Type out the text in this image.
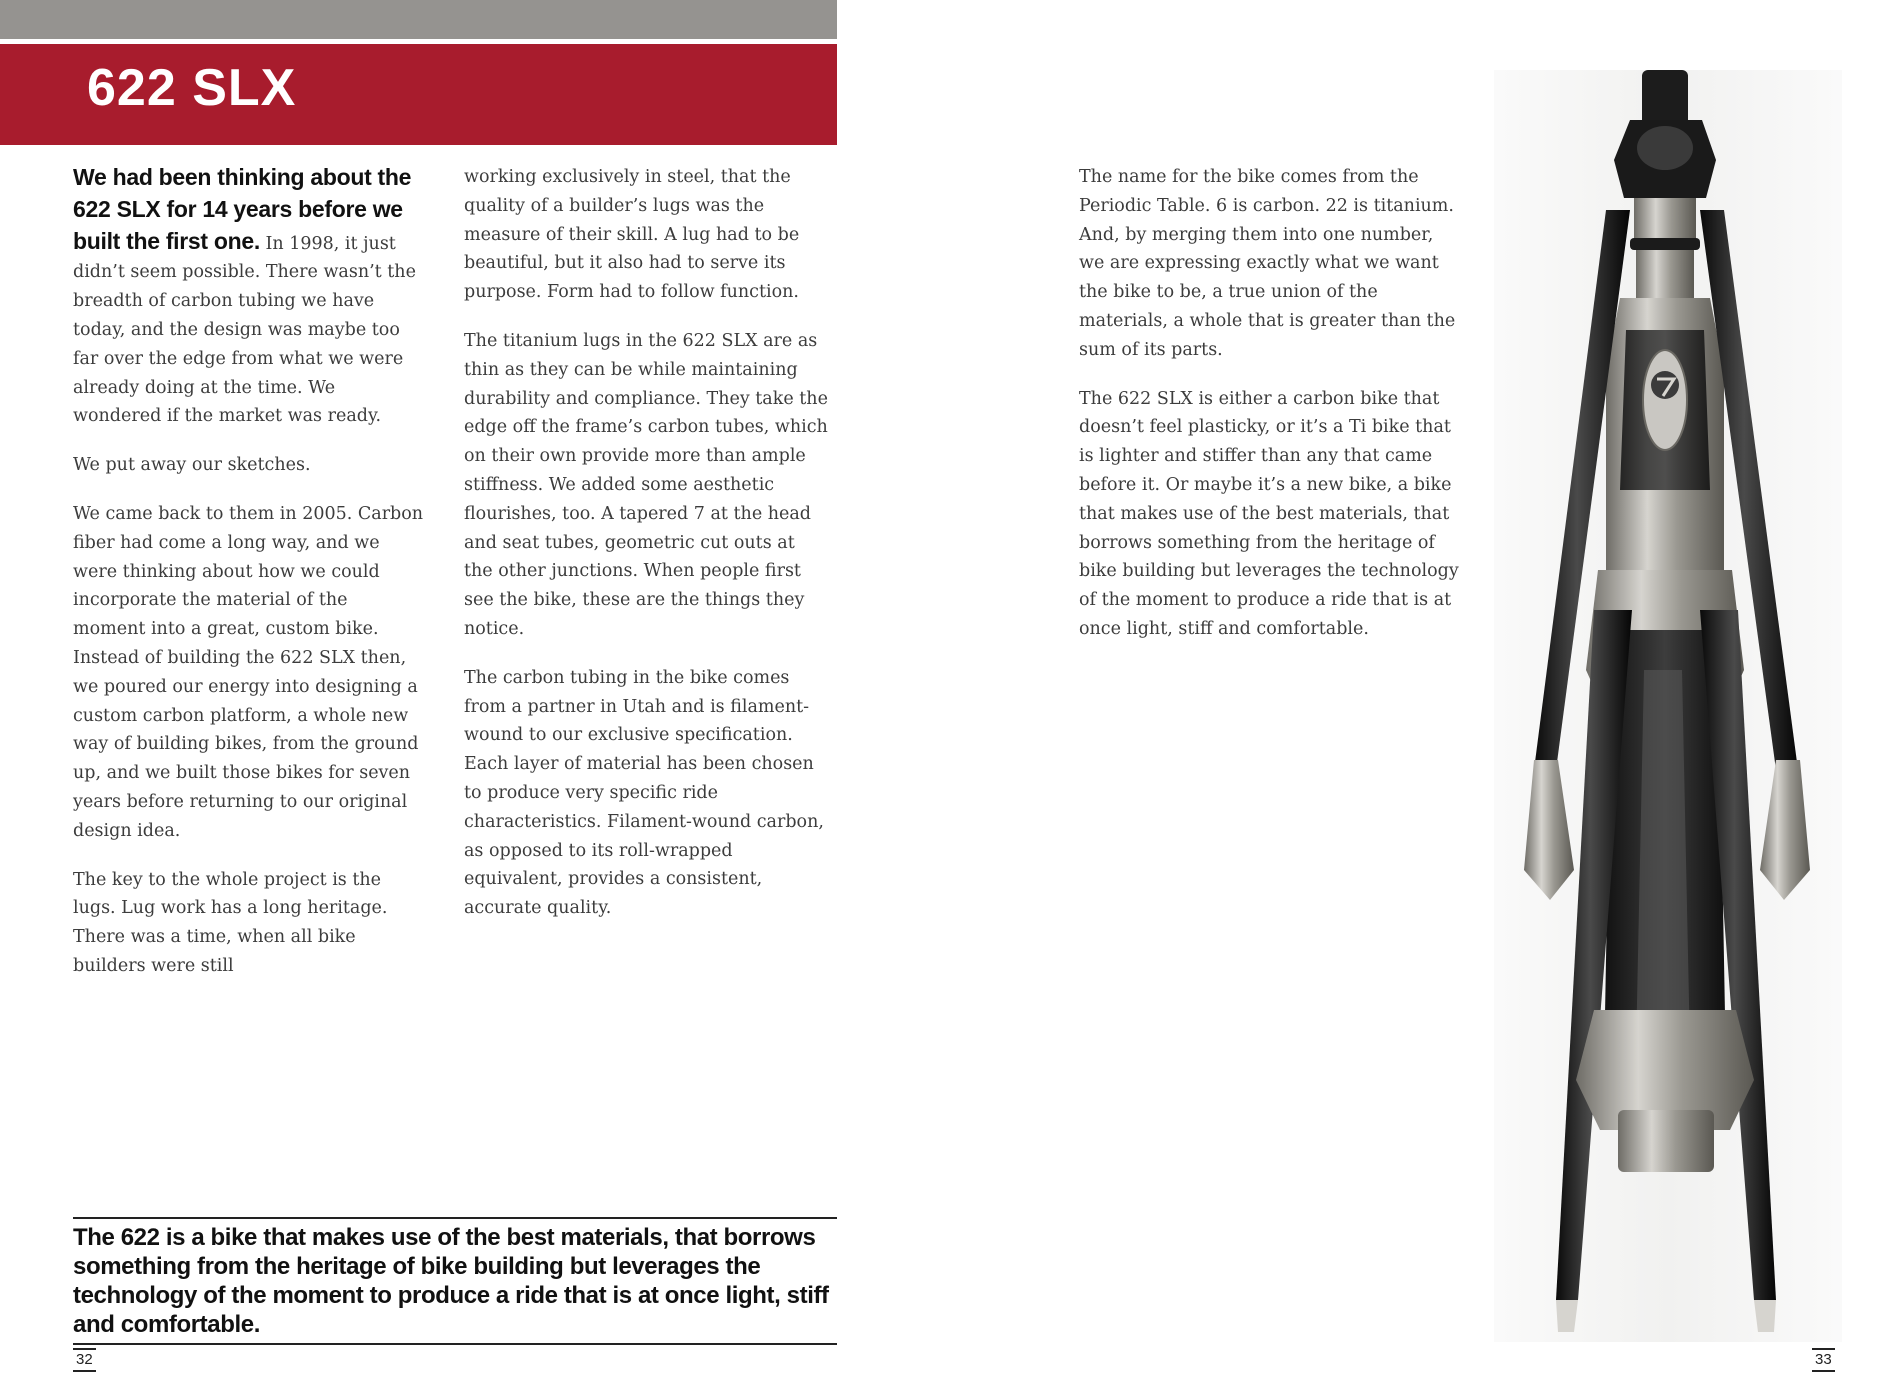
622 SLX

We had been thinking about the 622 SLX for 14 years before we built the first one. In 1998, it just didn’t seem possible. There wasn’t the breadth of carbon tubing we have today, and the design was maybe too far over the edge from what we were already doing at the time. We wondered if the market was ready.

We put away our sketches.

We came back to them in 2005. Carbon fiber had come a long way, and we were thinking about how we could incorporate the material of the moment into a great, custom bike. Instead of building the 622 SLX then, we poured our energy into designing a custom carbon platform, a whole new way of building bikes, from the ground up, and we built those bikes for seven years before returning to our original design idea.

The key to the whole project is the lugs. Lug work has a long heritage. There was a time, when all bike builders were still

working exclusively in steel, that the quality of a builder’s lugs was the measure of their skill. A lug had to be beautiful, but it also had to serve its purpose. Form had to follow function.

The titanium lugs in the 622 SLX are as thin as they can be while maintaining durability and compliance. They take the edge off the frame’s carbon tubes, which on their own provide more than ample stiffness. We added some aesthetic flourishes, too. A tapered 7 at the head and seat tubes, geometric cut outs at the other junctions. When people first see the bike, these are the things they notice.

The carbon tubing in the bike comes from a partner in Utah and is filament-wound to our exclusive specification. Each layer of material has been chosen to produce very specific ride characteristics. Filament-wound carbon, as opposed to its roll-wrapped equivalent, provides a consistent, accurate quality.

The name for the bike comes from the Periodic Table. 6 is carbon. 22 is titanium. And, by merging them into one number, we are expressing exactly what we want the bike to be, a true union of the materials, a whole that is greater than the sum of its parts.

The 622 SLX is either a carbon bike that doesn’t feel plasticky, or it’s a Ti bike that is lighter and stiffer than any that came before it. Or maybe it’s a new bike, a bike that makes use of the best materials, that borrows something from the heritage of bike building but leverages the technology of the moment to produce a ride that is at once light, stiff and comfortable.

The 622 is a bike that makes use of the best materials, that borrows something from the heritage of bike building but leverages the technology of the moment to produce a ride that is at once light, stiff and comfortable.

32	33
